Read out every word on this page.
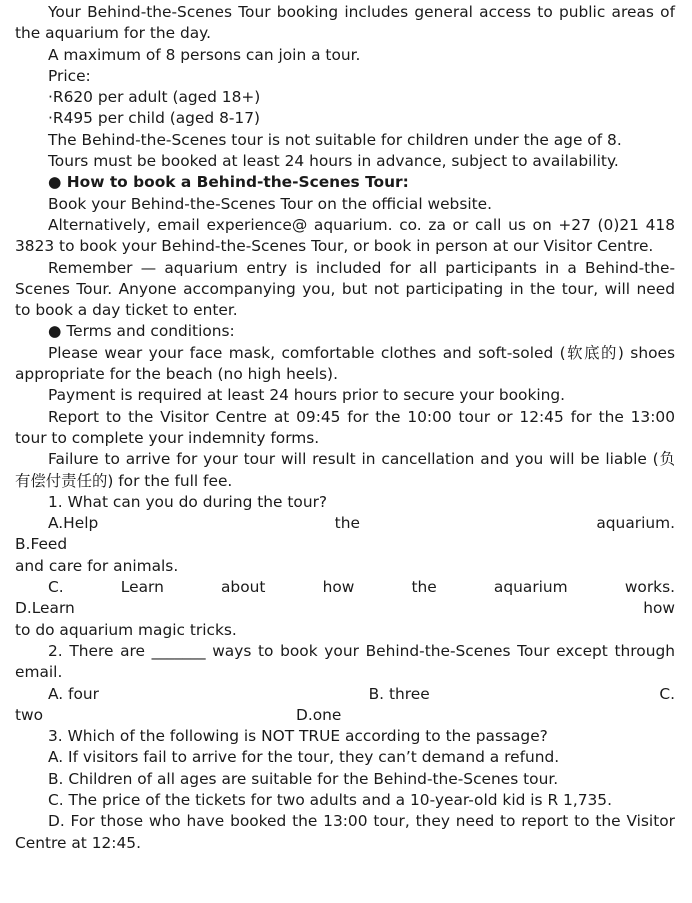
Your Behind-the-Scenes Tour booking includes general access to public areas of the aquarium for the day.

A maximum of 8 persons can join a tour.

Price:

·R620 per adult (aged 18+)

·R495 per child (aged 8-17)

The Behind-the-Scenes tour is not suitable for children under the age of 8.

Tours must be booked at least 24 hours in advance, subject to availability.

● How to book a Behind-the-Scenes Tour:

Book your Behind-the-Scenes Tour on the official website.

Alternatively, email experience@ aquarium. co. za or call us on +27 (0)21 418 3823 to book your Behind-the-Scenes Tour, or book in person at our Visitor Centre.

Remember — aquarium entry is included for all participants in a Behind-the-Scenes Tour. Anyone accompanying you, but not participating in the tour, will need to book a day ticket to enter.

● Terms and conditions:

Please wear your face mask, comfortable clothes and soft-soled (软底的) shoes appropriate for the beach (no high heels).

Payment is required at least 24 hours prior to secure your booking.

Report to the Visitor Centre at 09:45 for the 10:00 tour or 12:45 for the 13:00 tour to complete your indemnity forms.

Failure to arrive for your tour will result in cancellation and you will be liable (负有偿付责任的) for the full fee.

1. What can you do during the tour?

A.Help the aquarium.

B.Feed

and care for animals.

C. Learn about how the aquarium works.

D.Learn how

to do aquarium magic tricks.

2. There are _______ ways to book your Behind-the-Scenes Tour except through email.

A. four	B. three	C.

two	D.one

3. Which of the following is NOT TRUE according to the passage?

A. If visitors fail to arrive for the tour, they can’t demand a refund.

B. Children of all ages are suitable for the Behind-the-Scenes tour.

C. The price of the tickets for two adults and a 10-year-old kid is R 1,735.

D. For those who have booked the 13:00 tour, they need to report to the Visitor Centre at 12:45.
